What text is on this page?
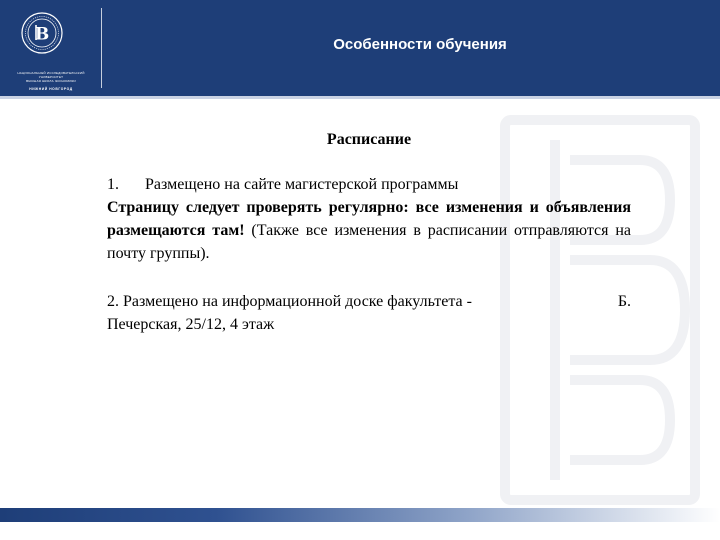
В
НАЦИОНАЛЬНЫЙ ИССЛЕДОВАТЕЛЬСКИЙ
УНИВЕРСИТЕТ
ВЫСШАЯ ШКОЛА ЭКОНОМИКИ
НИЖНИЙ НОВГОРОД
Особенности обучения

Расписание

1. Размещено на сайте магистерской программы

Страницу следует проверять регулярно: все изменения и объявления размещаются там! (Также все изменения в расписании отправляются на почту группы).

2. Размещено на информационной доске факультета -	Б.

Печерская, 25/12, 4 этаж
